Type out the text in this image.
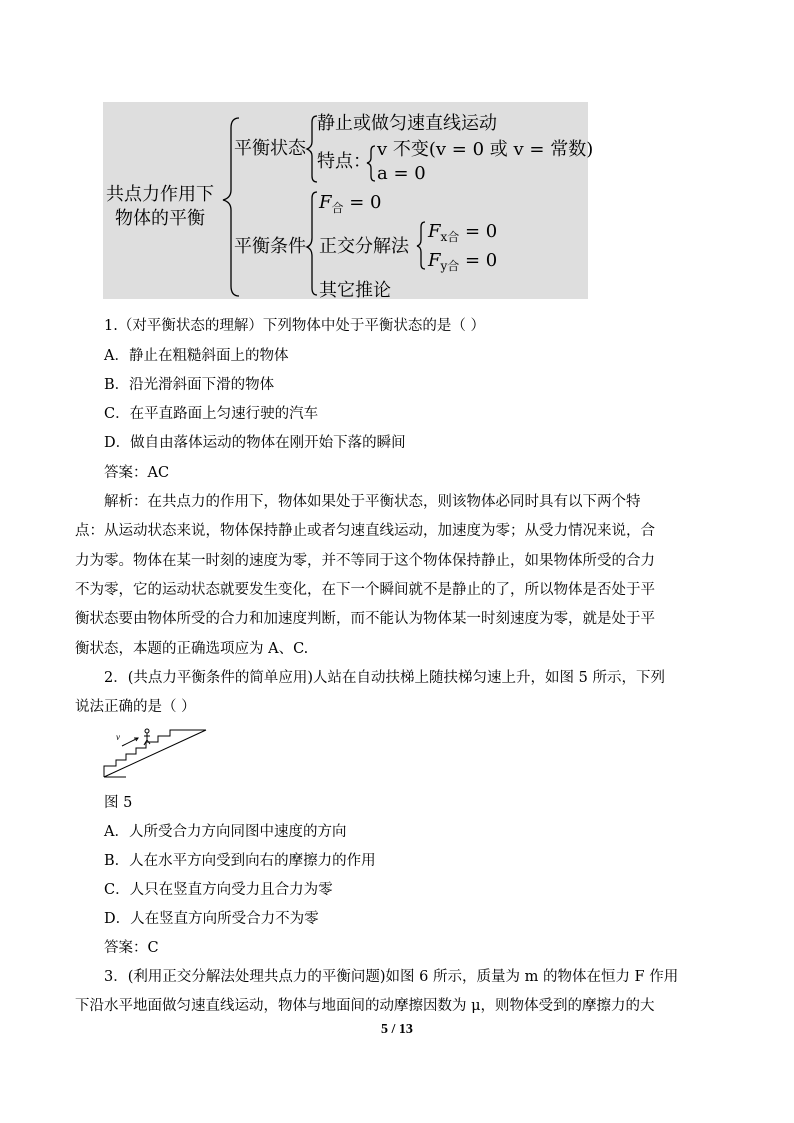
共点力作用下
物体的平衡
平衡状态
静止或做匀速直线运动
特点：
v 不变(v = 0 或 v = 常数)
a = 0
平衡条件
$F_合 = 0$
正交分解法
$F_{x合} = 0$
$F_{y合} = 0$
其它推论
1.（对平衡状态的理解）下列物体中处于平衡状态的是（ ）
A．静止在粗糙斜面上的物体
B．沿光滑斜面下滑的物体
C．在平直路面上匀速行驶的汽车
D．做自由落体运动的物体在刚开始下落的瞬间
答案：AC
解析：在共点力的作用下，物体如果处于平衡状态，则该物体必同时具有以下两个特
点：从运动状态来说，物体保持静止或者匀速直线运动，加速度为零；从受力情况来说，合
力为零。物体在某一时刻的速度为零，并不等同于这个物体保持静止，如果物体所受的合力
不为零，它的运动状态就要发生变化，在下一个瞬间就不是静止的了，所以物体是否处于平
衡状态要由物体所受的合力和加速度判断，而不能认为物体某一时刻速度为零，就是处于平
衡状态，本题的正确选项应为 A、C.
2．(共点力平衡条件的简单应用)人站在自动扶梯上随扶梯匀速上升，如图 5 所示，下列
说法正确的是（ ）
v
图 5
A．人所受合力方向同图中速度的方向
B．人在水平方向受到向右的摩擦力的作用
C．人只在竖直方向受力且合力为零
D．人在竖直方向所受合力不为零
答案：C
3．(利用正交分解法处理共点力的平衡问题)如图 6 所示，质量为 m 的物体在恒力 F 作用
下沿水平地面做匀速直线运动，物体与地面间的动摩擦因数为 μ，则物体受到的摩擦力的大
5 / 13
